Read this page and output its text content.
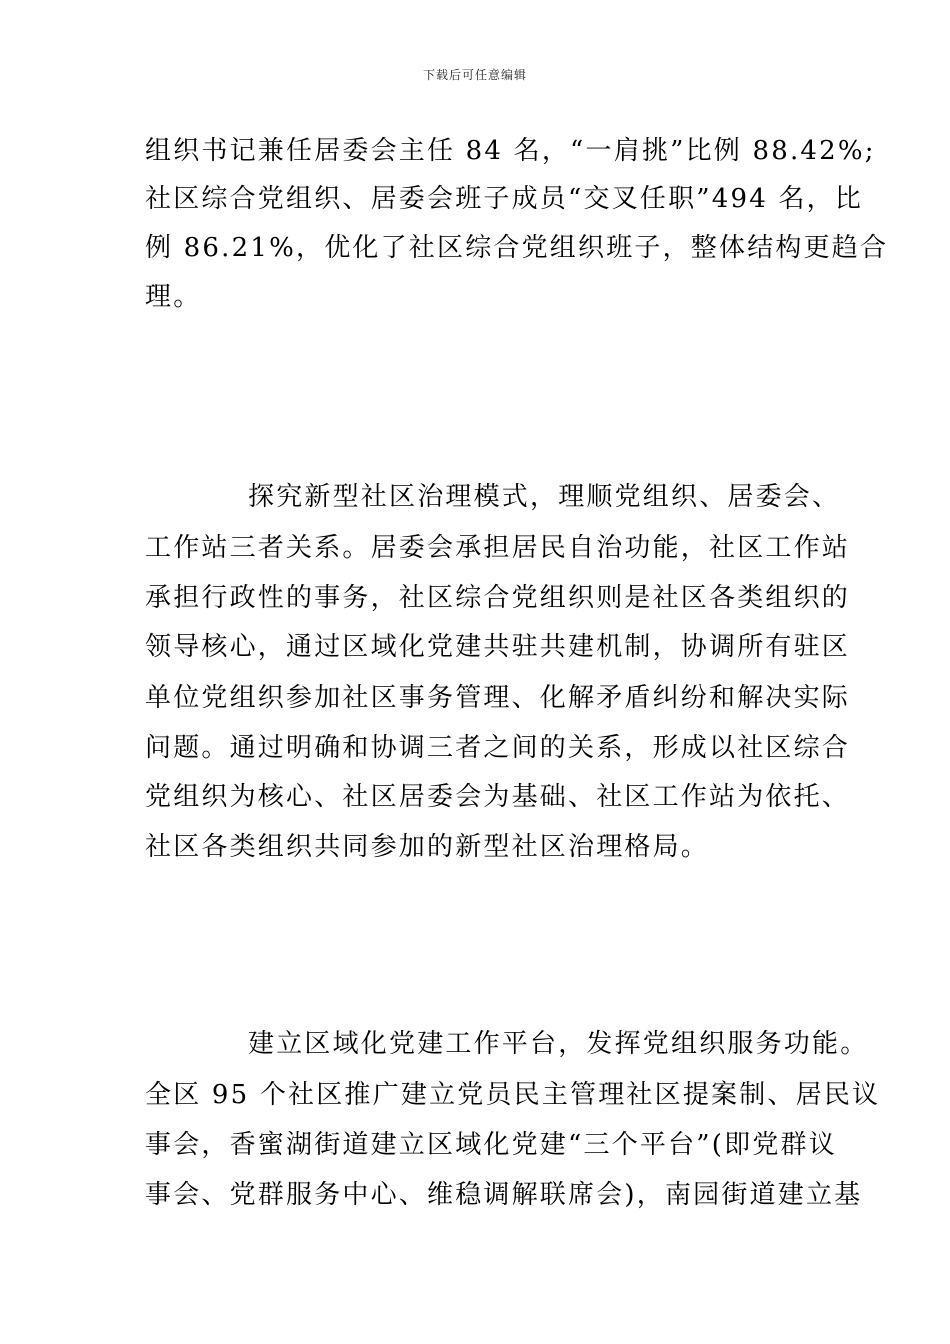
下载后可任意编辑
组织书记兼任居委会主任 84 名，“一肩挑”比例 88.42%;
社区综合党组织、居委会班子成员“交叉任职”494 名，比
例 86.21%，优化了社区综合党组织班子，整体结构更趋合
理。
探究新型社区治理模式，理顺党组织、居委会、
工作站三者关系。居委会承担居民自治功能，社区工作站
承担行政性的事务，社区综合党组织则是社区各类组织的
领导核心，通过区域化党建共驻共建机制，协调所有驻区
单位党组织参加社区事务管理、化解矛盾纠纷和解决实际
问题。通过明确和协调三者之间的关系，形成以社区综合
党组织为核心、社区居委会为基础、社区工作站为依托、
社区各类组织共同参加的新型社区治理格局。
建立区域化党建工作平台，发挥党组织服务功能。
全区 95 个社区推广建立党员民主管理社区提案制、居民议
事会，香蜜湖街道建立区域化党建“三个平台”(即党群议
事会、党群服务中心、维稳调解联席会)，南园街道建立基
